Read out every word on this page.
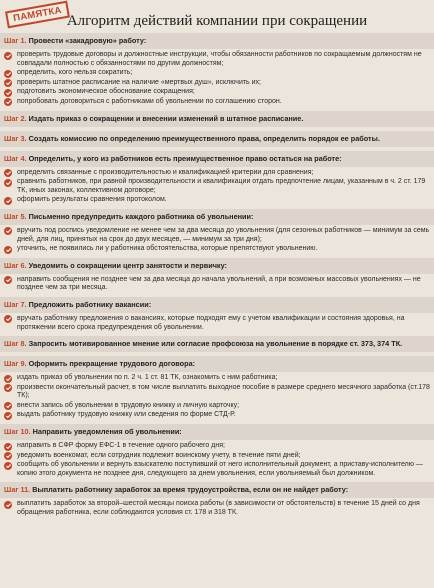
ПАМЯТКА Алгоритм действий компании при сокращении
Шаг 1. Провести «закадровую» работу:
проверить трудовые договоры и должностные инструкции, чтобы обязанности работников по сокращаемым должностям не совпадали полностью с обязанностями по другим должностям;
определить, кого нельзя сократить;
проверить штатное расписание на наличие «мертвых душ», исключить их;
подготовить экономическое обоснование сокращения;
попробовать договориться с работниками об увольнении по соглашению сторон.
Шаг 2. Издать приказ о сокращении и внесении изменений в штатное расписание.
Шаг 3. Создать комиссию по определению преимущественного права, определить порядок ее работы.
Шаг 4. Определить, у кого из работников есть преимущественное право остаться на работе:
определить связанные с производительностью и квалификацией критерии для сравнения;
сравнить работников, при равной производительности и квалификации отдать предпочтение лицам, указанным в ч. 2 ст. 179 ТК, иных законах, коллективном договоре;
оформить результаты сравнения протоколом.
Шаг 5. Письменно предупредить каждого работника об увольнении:
вручить под роспись уведомление не менее чем за два месяца до увольнения (для сезонных работников — минимум за семь дней, для лиц, принятых на срок до двух месяцев, — минимум за три дня);
уточнить, не появились ли у работника обстоятельства, которые препятствуют увольнению.
Шаг 6. Уведомить о сокращении центр занятости и первичку:
направить сообщения не позднее чем за два месяца до начала увольнений, а при возможных массовых увольнениях — не позднее чем за три месяца.
Шаг 7. Предложить работнику вакансии:
вручать работнику предложения о вакансиях, которые подходят ему с учетом квалификации и состояния здоровья, на протяжении всего срока предупреждения об увольнении.
Шаг 8. Запросить мотивированное мнение или согласие профсоюза на увольнение в порядке ст. 373, 374 ТК.
Шаг 9. Оформить прекращение трудового договора:
издать приказ об увольнении по п. 2 ч. 1 ст. 81 ТК, ознакомить с ним работника;
произвести окончательный расчет, в том числе выплатить выходное пособие в размере среднего месячного заработка (ст.178 ТК);
внести запись об увольнении в трудовую книжку и личную карточку;
выдать работнику трудовую книжку или сведения по форме СТД-Р.
Шаг 10. Направить уведомления об увольнении:
направить в СФР форму ЕФС-1 в течение одного рабочего дня;
уведомить военкомат, если сотрудник подлежит воинскому учету, в течение пяти дней;
сообщить об увольнении и вернуть взыскателю поступивший от него исполнительный документ, а приставу-исполнителю — копию этого документа не позднее дня, следующего за днем увольнения, если увольняемый был должником.
Шаг 11. Выплатить работнику заработок за время трудоустройства, если он не найдет работу:
выплатить заработок за второй–шестой месяцы поиска работы (в зависимости от обстоятельств) в течение 15 дней со дня обращения работника, если соблюдаются условия ст. 178 и 318 ТК.
